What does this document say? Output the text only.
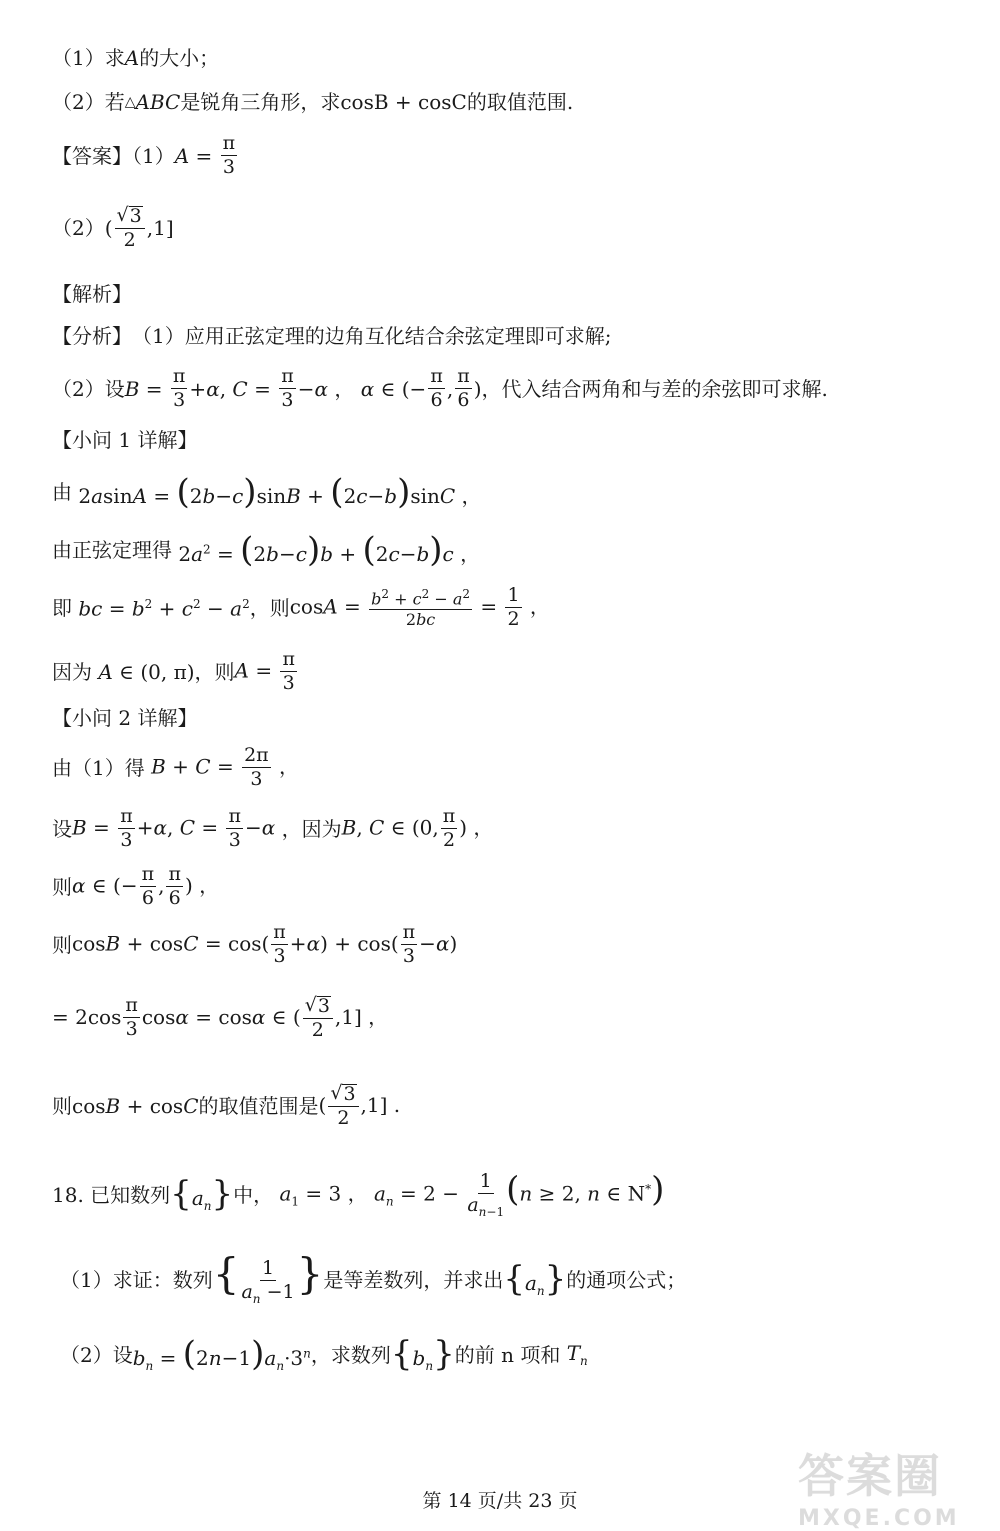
（1）求 A 的大小；
（2）若 △ ABC 是锐角三角形，求 cosB + cosC 的取值范围.
【答案】（1） $A = \frac{\pi}{3}$
（2） ( $\frac{√ 3}{2} ,1$]
【解析】
【分析】 （1）应用正弦定理的边角互化结合余弦定理即可求解;
（2）设 $B = \frac{\pi}{3} + \alpha$ , $C = \frac{\pi}{3} - \alpha$ ， α ∈ (− $\frac{\pi}{6}$ , $\frac{\pi}{6}$ ) ，代入结合两角和与差的余弦即可求解.
【小问 1 详解】
由 2asinA = (2b−c)sinB + (2c−b)sinC ，
由正弦定理得 $2a^2 = (2b-c)b + (2c-b)c$ ，
即 bc = $b^2 + c^2 - a^2$ ，则 $\cos A = \frac{b^2 + c^2 - a^2}{2bc} = \frac{1}{2}$ ，
因为 A ∈ (0, π) ，则 $A = \frac{\pi}{3}$
【小问 2 详解】
由（1）得 $B + C = \frac{2\pi}{3}$ ，
设 $B = \frac{\pi}{3} +\alpha$, $C = \frac{\pi}{3} -\alpha$ ，因为 B, C ∈ (0, $\frac{\pi}{2}$ ) ，
则 α ∈ (− $\frac{\pi}{6}$ , $\frac{\pi}{6}$ ) ，
则 $\cos B + \cos C = \cos( \frac{\pi}{3} +\alpha) + \cos( \frac{\pi}{3} -\alpha)$
= $2\cos \frac{\pi}{3}$ cosα = cosα ∈ ( $\frac{√ 3}{2} ,1$] ，
则 cosB + cosC 的取值范围是 ( $\frac{√ 3}{2} ,1$] .
18. 已知数列 $\{a_n\}$ 中， $a_1 = 3$ ， $a_n = 2 - \frac{1}{a_{n-1}} (n \ge 2$, n ∈ N*)
（1）求证：数列 { $\frac{1}{a_n -1}$ } 是等差数列，并求出 $\{a_n\}$ 的通项公式；
（2）设 $b_n = (2n-1)a_n\cdot 3^n$ ，求数列 $\{b_n\}$ 的前 n 项和 $T_n$
第 14 页/共 23 页	答案圈
MXQE.COM
